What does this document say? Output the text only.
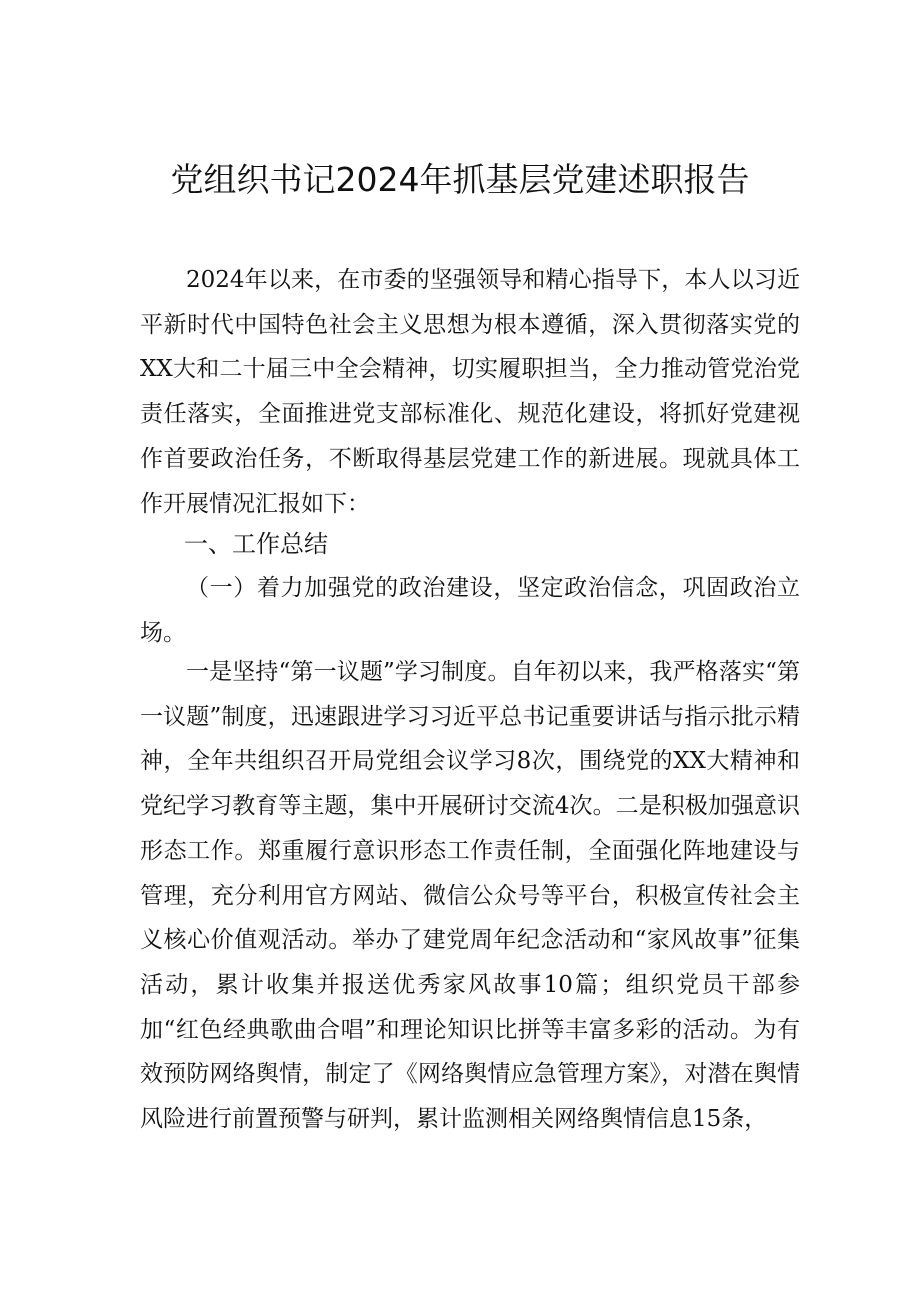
党组织书记2024年抓基层党建述职报告

2024年以来，在市委的坚强领导和精心指导下，本人以习近平新时代中国特色社会主义思想为根本遵循，深入贯彻落实党的XX大和二十届三中全会精神，切实履职担当，全力推动管党治党责任落实，全面推进党支部标准化、规范化建设，将抓好党建视作首要政治任务，不断取得基层党建工作的新进展。现就具体工作开展情况汇报如下：

一、工作总结

（一）着力加强党的政治建设，坚定政治信念，巩固政治立场。

一是坚持“第一议题”学习制度。自年初以来，我严格落实“第一议题”制度，迅速跟进学习习近平总书记重要讲话与指示批示精神，全年共组织召开局党组会议学习8次，围绕党的XX大精神和党纪学习教育等主题，集中开展研讨交流4次。二是积极加强意识形态工作。郑重履行意识形态工作责任制，全面强化阵地建设与管理，充分利用官方网站、微信公众号等平台，积极宣传社会主义核心价值观活动。举办了建党周年纪念活动和“家风故事”征集活动，累计收集并报送优秀家风故事10篇；组织党员干部参加“红色经典歌曲合唱”和理论知识比拼等丰富多彩的活动。为有效预防网络舆情，制定了《网络舆情应急管理方案》，对潜在舆情风险进行前置预警与研判，累计监测相关网络舆情信息15条，
